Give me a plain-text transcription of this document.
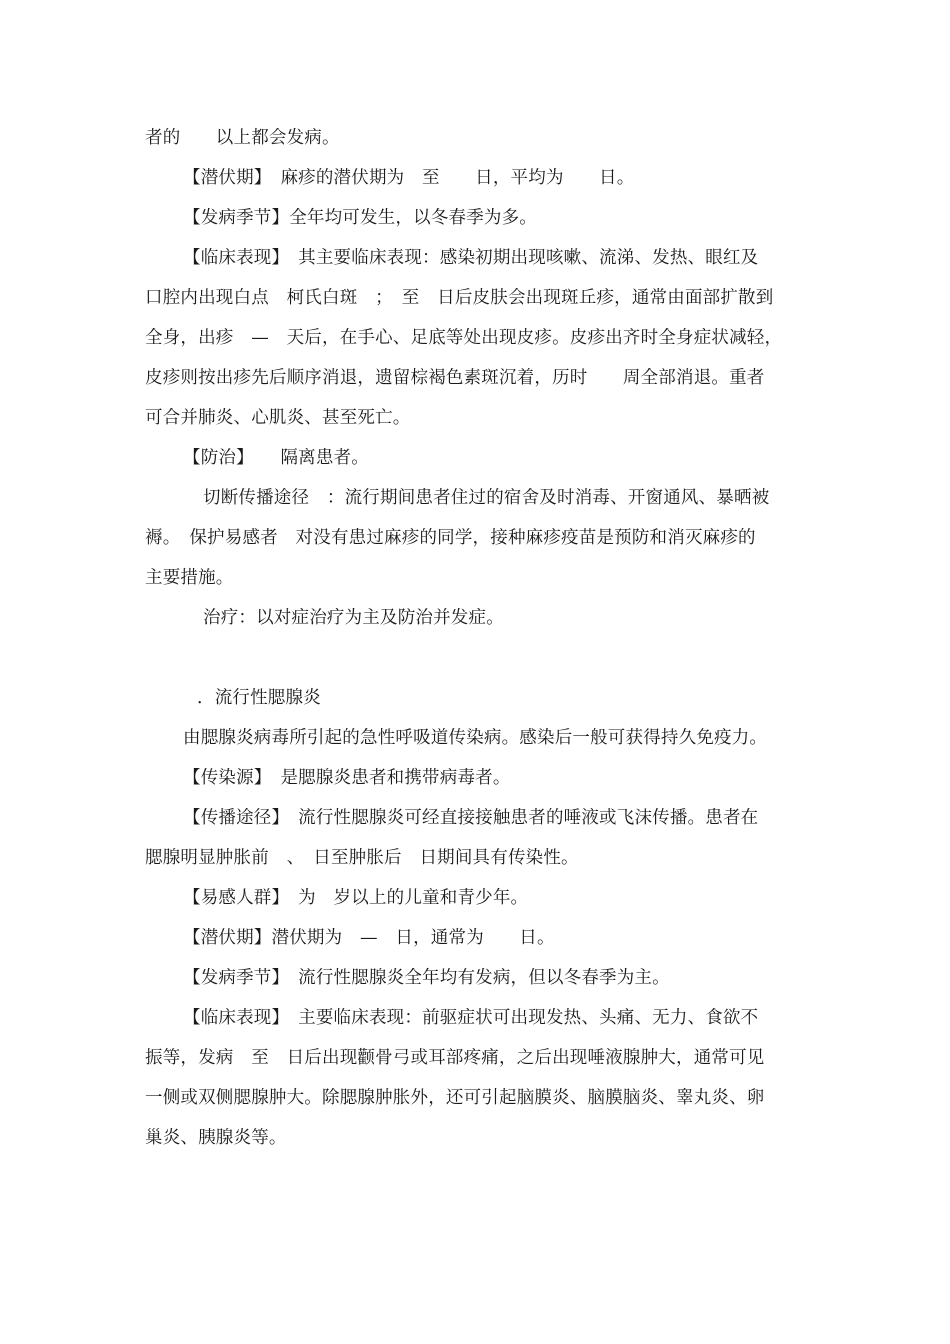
者的　　以上都会发病。
【潜伏期】　麻疹的潜伏期为　至　　日，平均为　　日。
【发病季节】全年均可发生，以冬春季为多。
【临床表现】　其主要临床表现：感染初期出现咳嗽、流涕、发热、眼红及
口腔内出现白点　柯氏白斑　；　至　日后皮肤会出现斑丘疹，通常由面部扩散到
全身，出疹　—　天后，在手心、足底等处出现皮疹。皮疹出齐时全身症状减轻，
皮疹则按出疹先后顺序消退，遗留棕褐色素斑沉着，历时　　周全部消退。重者
可合并肺炎、心肌炎、甚至死亡。
【防治】　　隔离患者。
切断传播途径　：流行期间患者住过的宿舍及时消毒、开窗通风、暴晒被
褥。　保护易感者　对没有患过麻疹的同学，接种麻疹疫苗是预防和消灭麻疹的
主要措施。
治疗：以对症治疗为主及防治并发症。
．流行性腮腺炎
由腮腺炎病毒所引起的急性呼吸道传染病。感染后一般可获得持久免疫力。
【传染源】　是腮腺炎患者和携带病毒者。
【传播途径】　流行性腮腺炎可经直接接触患者的唾液或飞沫传播。患者在
腮腺明显肿胀前　、　日至肿胀后　日期间具有传染性。
【易感人群】　为　岁以上的儿童和青少年。
【潜伏期】潜伏期为　—　日，通常为　　日。
【发病季节】　流行性腮腺炎全年均有发病，但以冬春季为主。
【临床表现】　主要临床表现：前驱症状可出现发热、头痛、无力、食欲不
振等，发病　至　日后出现颧骨弓或耳部疼痛，之后出现唾液腺肿大，通常可见
一侧或双侧腮腺肿大。除腮腺肿胀外，还可引起脑膜炎、脑膜脑炎、睾丸炎、卵
巢炎、胰腺炎等。
